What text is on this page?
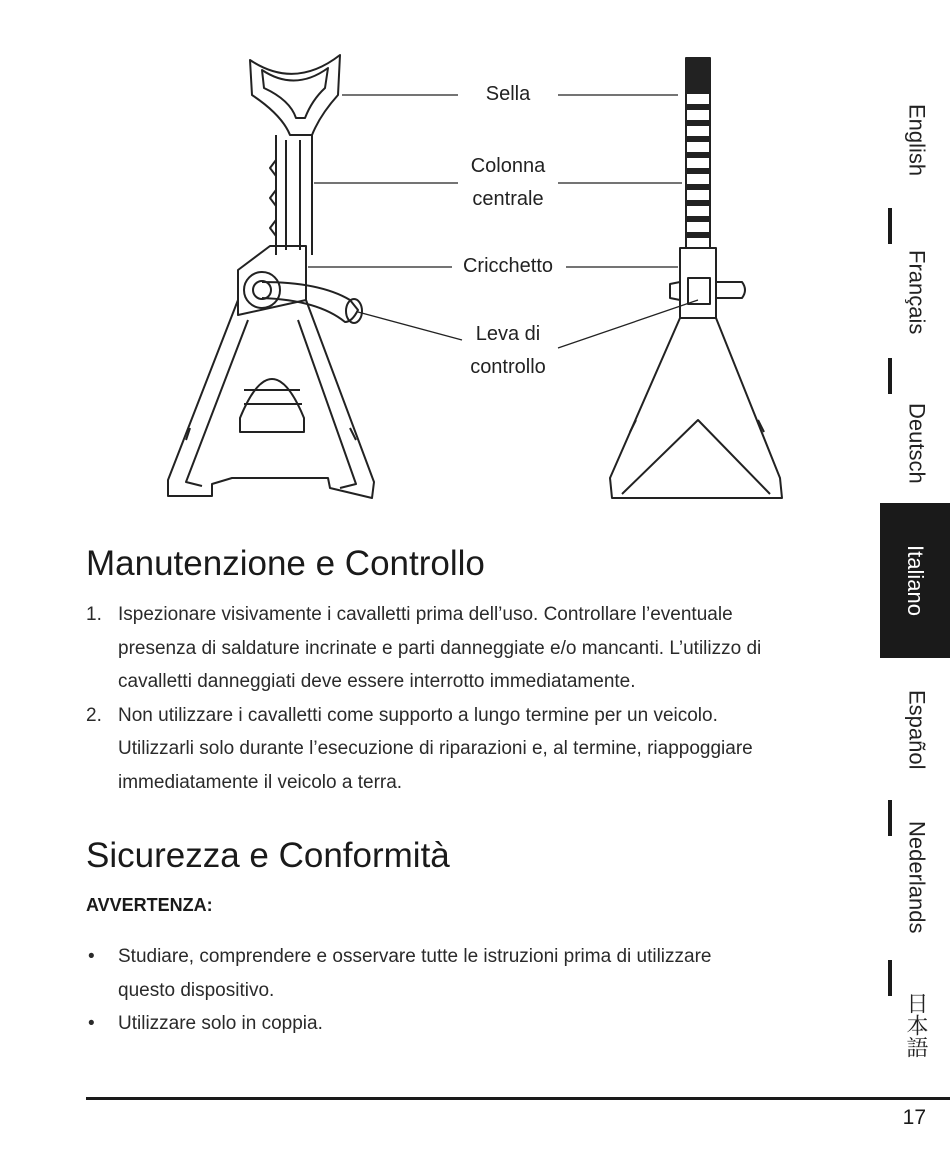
Sella
Colonna
centrale
Cricchetto
Leva di
controllo
Manutenzione e Controllo
1. Ispezionare visivamente i cavalletti prima dell’uso. Controllare l’eventuale
presenza di saldature incrinate e parti danneggiate e/o mancanti. L’utilizzo di
cavalletti danneggiati deve essere interrotto immediatamente.
2. Non utilizzare i cavalletti come supporto a lungo termine per un veicolo.
Utilizzarli solo durante l’esecuzione di riparazioni e, al termine, riappoggiare
immediatamente il veicolo a terra.
Sicurezza e Conformità
AVVERTENZA:
• Studiare, comprendere e osservare tutte le istruzioni prima di utilizzare
questo dispositivo.
• Utilizzare solo in coppia.
English
Français
Deutsch
Italiano
Español
Nederlands
日本語
17
